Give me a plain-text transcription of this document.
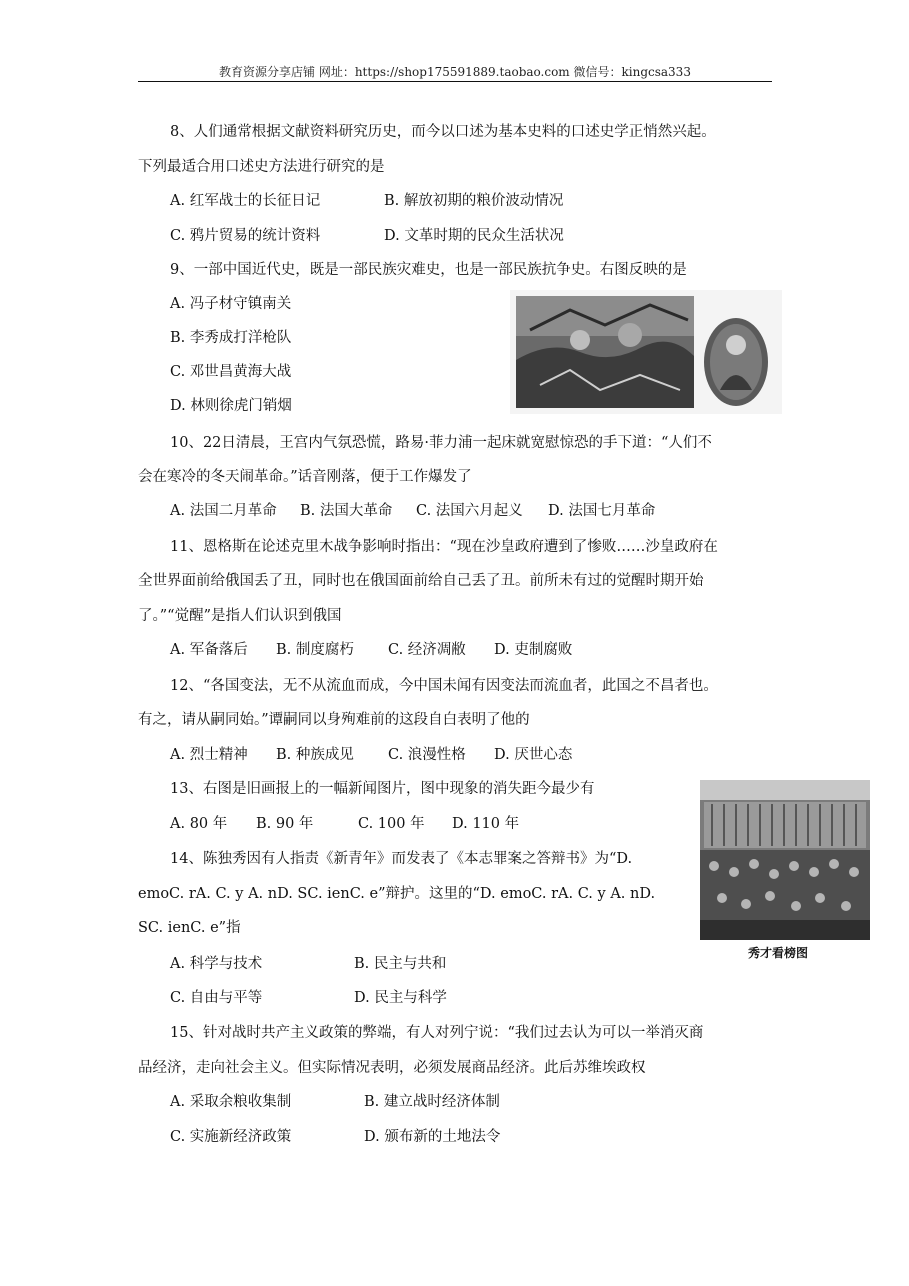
教育资源分享店铺 网址：https://shop175591889.taobao.com 微信号：kingcsa333
8、人们通常根据文献资料研究历史，而今以口述为基本史料的口述史学正悄然兴起。
下列最适合用口述史方法进行研究的是
A. 红军战士的长征日记	B. 解放初期的粮价波动情况
C. 鸦片贸易的统计资料	D. 文革时期的民众生活状况
9、一部中国近代史，既是一部民族灾难史，也是一部民族抗争史。右图反映的是
A. 冯子材守镇南关
B. 李秀成打洋枪队
C. 邓世昌黄海大战
D. 林则徐虎门销烟
10、22日清晨，王宫内气氛恐慌，路易·菲力浦一起床就宽慰惊恐的手下道：“人们不
会在寒冷的冬天闹革命。”话音刚落，便于工作爆发了
A. 法国二月革命 B. 法国大革命 C. 法国六月起义 D. 法国七月革命
11、恩格斯在论述克里木战争影响时指出：“现在沙皇政府遭到了惨败……沙皇政府在
全世界面前给俄国丢了丑，同时也在俄国面前给自己丢了丑。前所未有过的觉醒时期开始
了。”“觉醒”是指人们认识到俄国
A. 军备落后 B. 制度腐朽 C. 经济凋敝 D. 吏制腐败
12、“各国变法，无不从流血而成，今中国未闻有因变法而流血者，此国之不昌者也。
有之，请从嗣同始。”谭嗣同以身殉难前的这段自白表明了他的
A. 烈士精神 B. 种族成见 C. 浪漫性格 D. 厌世心态
13、右图是旧画报上的一幅新闻图片，图中现象的消失距今最少有
A. 80 年 B. 90 年	C. 100 年 D. 110 年
秀才看榜图
14、陈独秀因有人指责《新青年》而发表了《本志罪案之答辩书》为“D.
emoC. rA. C. y A. nD. SC. ienC. e”辩护。这里的“D. emoC. rA. C. y A. nD.
SC. ienC. e”指
A. 科学与技术	B. 民主与共和
C. 自由与平等	D. 民主与科学
15、针对战时共产主义政策的弊端，有人对列宁说：“我们过去认为可以一举消灭商
品经济，走向社会主义。但实际情况表明，必须发展商品经济。此后苏维埃政权
A. 采取余粮收集制	B. 建立战时经济体制
C. 实施新经济政策	D. 颁布新的土地法令
